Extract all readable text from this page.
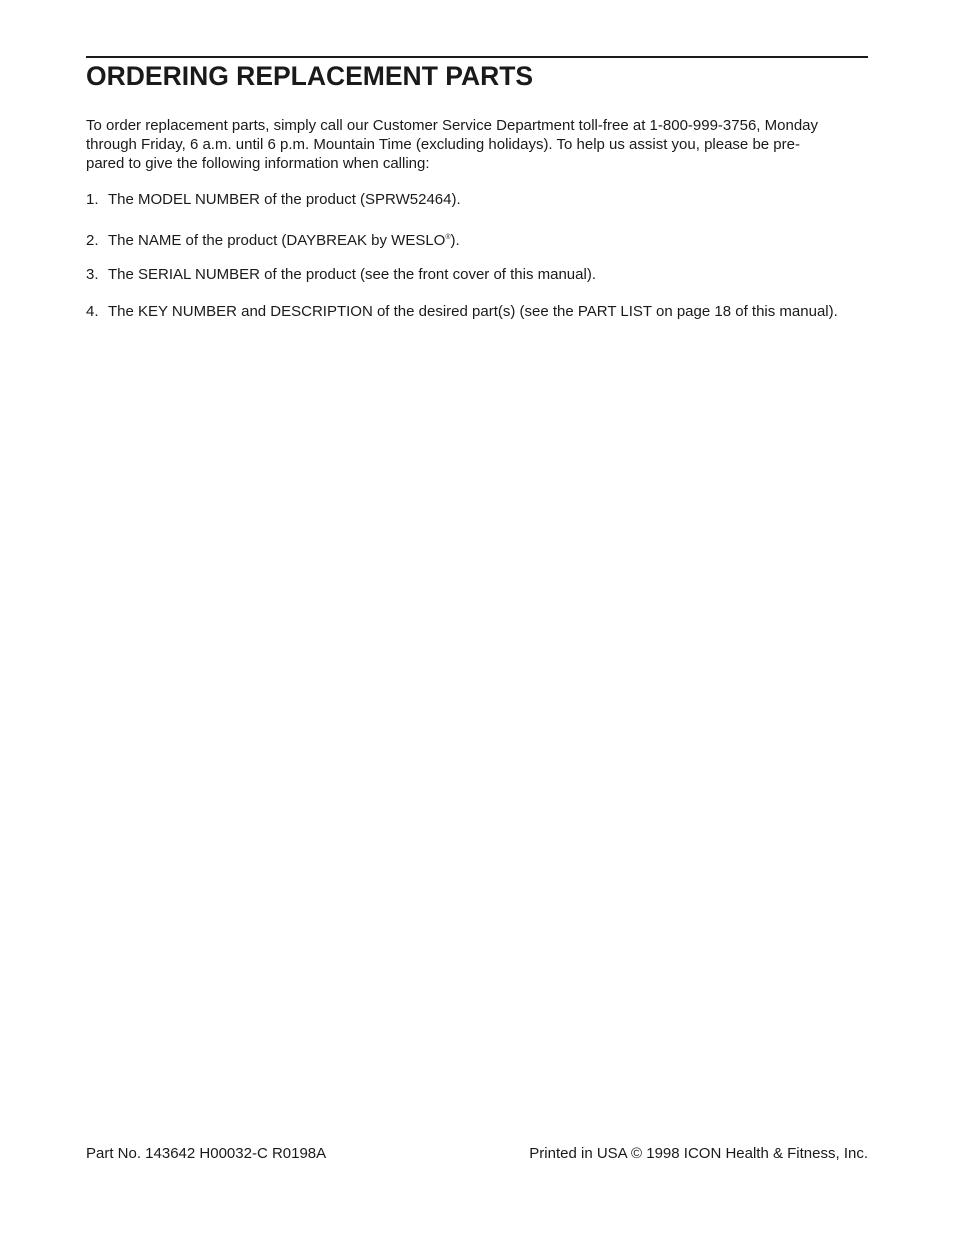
ORDERING REPLACEMENT PARTS

To order replacement parts, simply call our Customer Service Department toll-free at 1-800-999-3756, Monday
through Friday, 6 a.m. until 6 p.m. Mountain Time (excluding holidays). To help us assist you, please be pre-
pared to give the following information when calling:

1. The MODEL NUMBER of the product (SPRW52464).
2. The NAME of the product (DAYBREAK by WESLO®).
3. The SERIAL NUMBER of the product (see the front cover of this manual).
4. The KEY NUMBER and DESCRIPTION of the desired part(s) (see the PART LIST on page 18 of this manual).
Part No. 143642 H00032-C R0198A	Printed in USA © 1998 ICON Health & Fitness, Inc.
